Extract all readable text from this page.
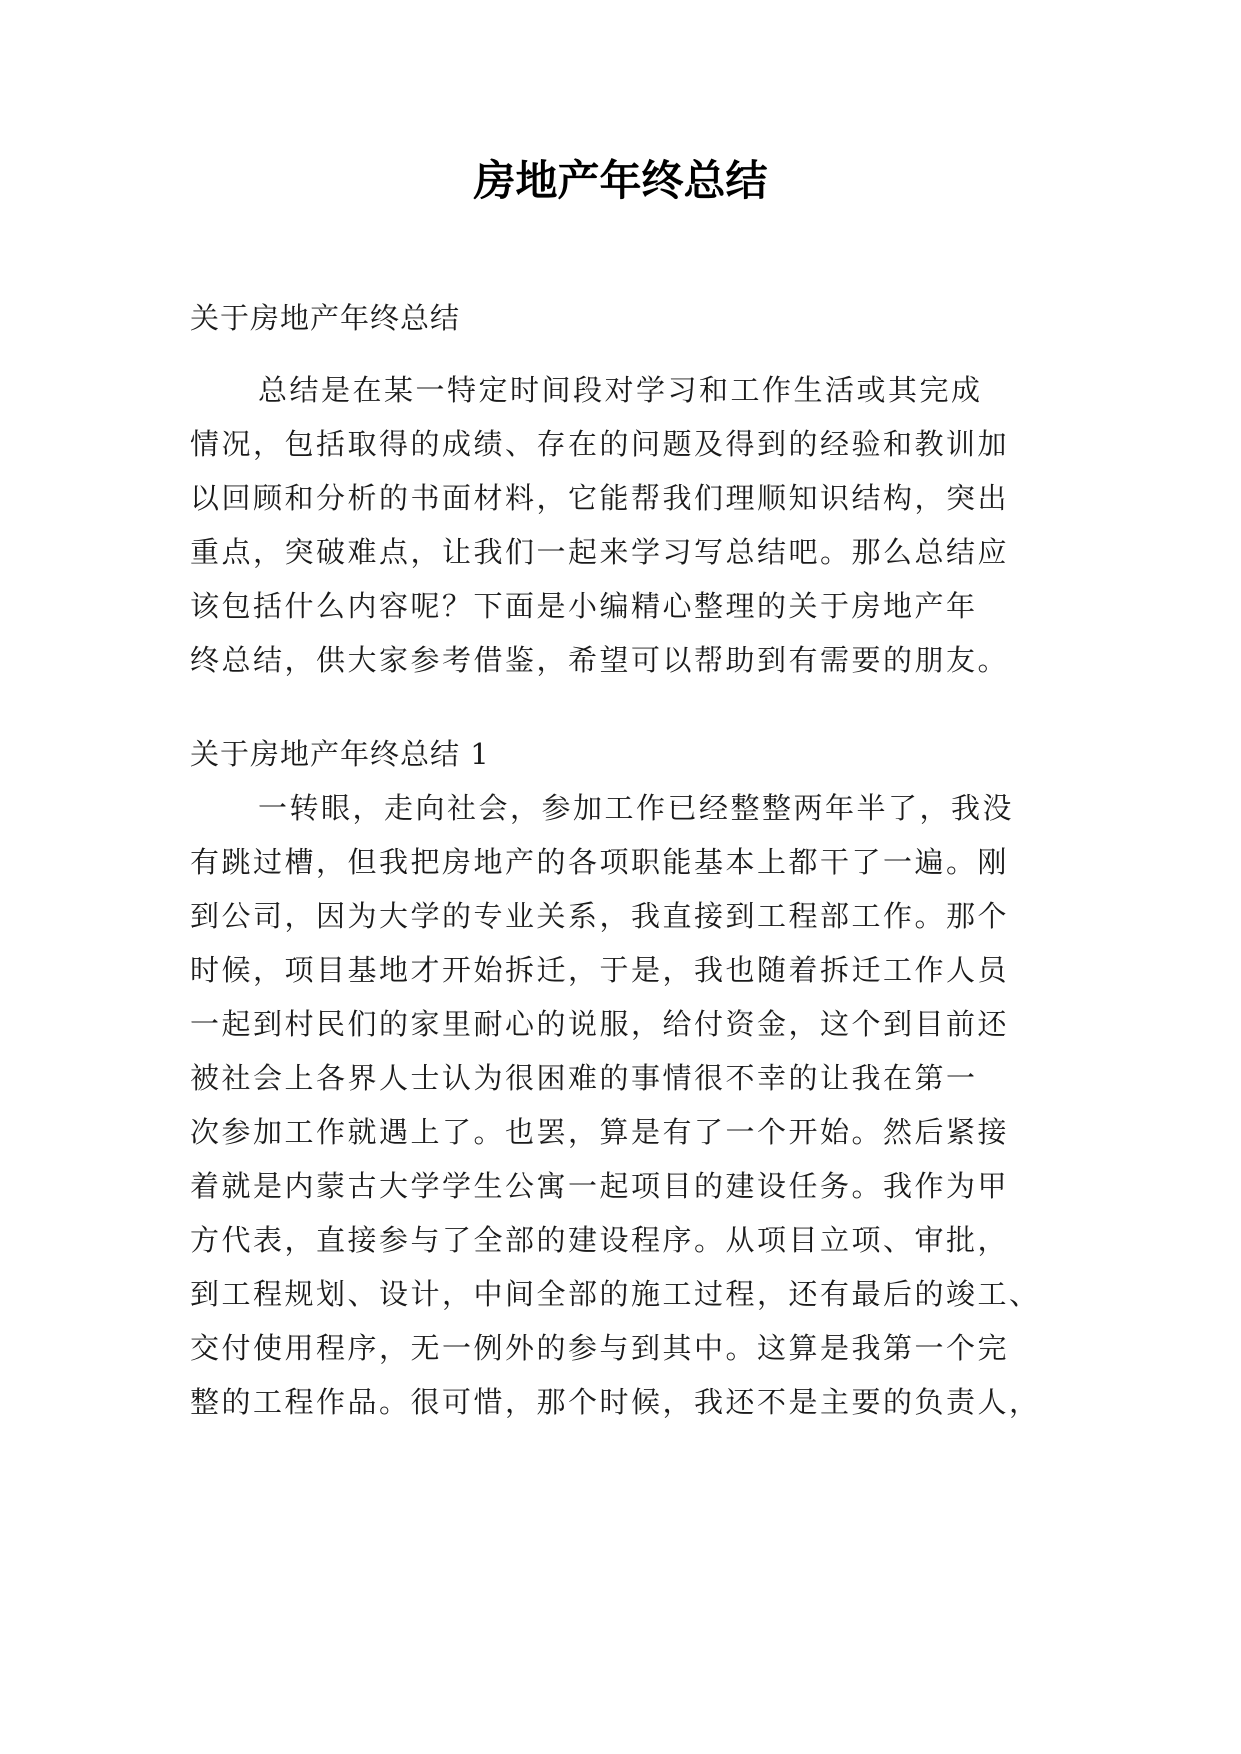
房地产年终总结

关于房地产年终总结

总结是在某一特定时间段对学习和工作生活或其完成

情况，包括取得的成绩、存在的问题及得到的经验和教训加

以回顾和分析的书面材料，它能帮我们理顺知识结构，突出

重点，突破难点，让我们一起来学习写总结吧。那么总结应

该包括什么内容呢？下面是小编精心整理的关于房地产年

终总结，供大家参考借鉴，希望可以帮助到有需要的朋友。

关于房地产年终总结 1

一转眼，走向社会，参加工作已经整整两年半了，我没

有跳过槽，但我把房地产的各项职能基本上都干了一遍。刚

到公司，因为大学的专业关系，我直接到工程部工作。那个

时候，项目基地才开始拆迁，于是，我也随着拆迁工作人员

一起到村民们的家里耐心的说服，给付资金，这个到目前还

被社会上各界人士认为很困难的事情很不幸的让我在第一

次参加工作就遇上了。也罢，算是有了一个开始。然后紧接

着就是内蒙古大学学生公寓一起项目的建设任务。我作为甲

方代表，直接参与了全部的建设程序。从项目立项、审批，

到工程规划、设计，中间全部的施工过程，还有最后的竣工、

交付使用程序，无一例外的参与到其中。这算是我第一个完

整的工程作品。很可惜，那个时候，我还不是主要的负责人，
